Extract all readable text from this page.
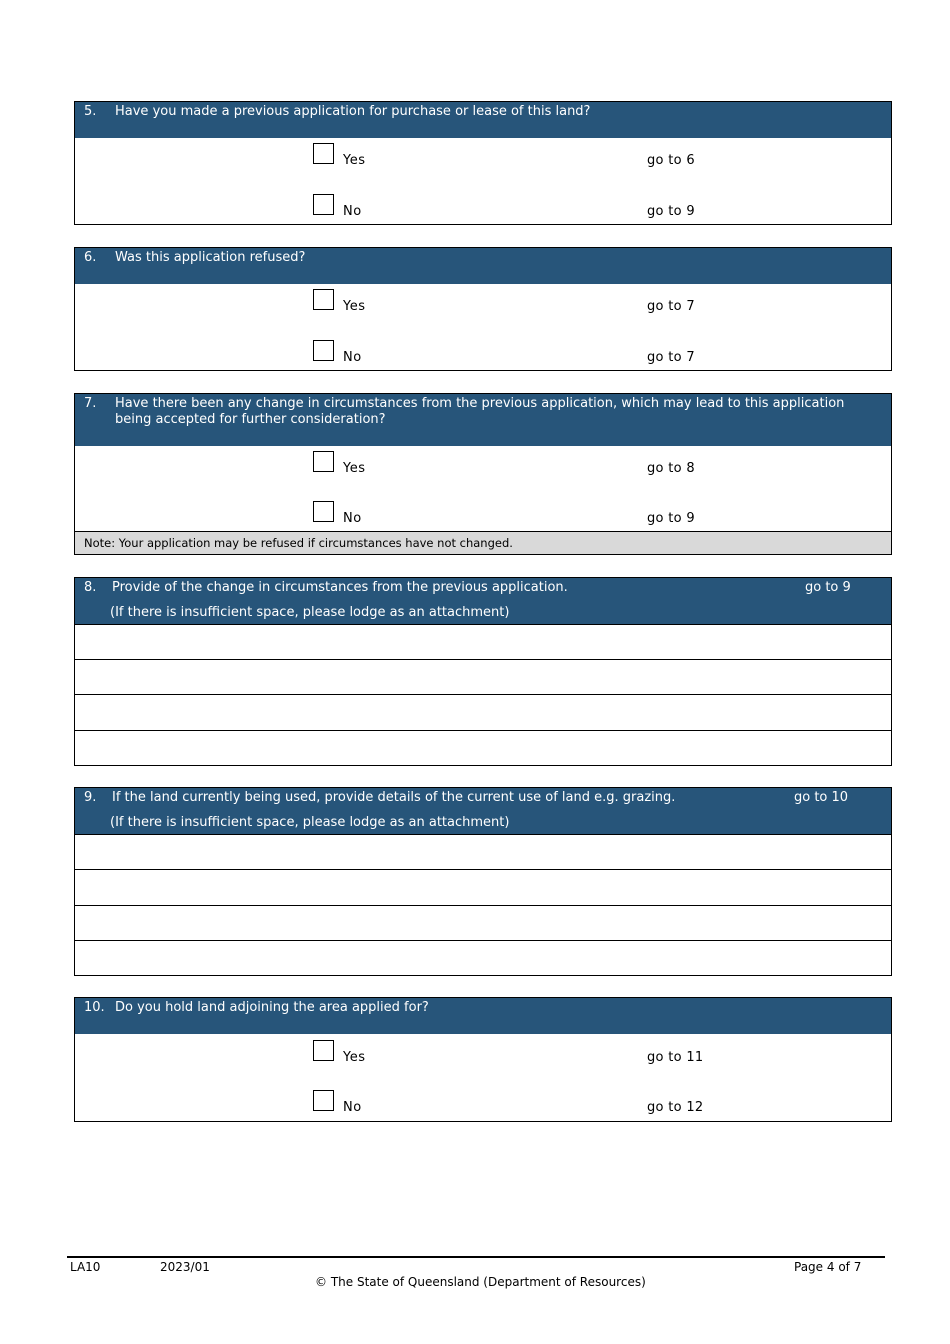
5. Have you made a previous application for purchase or lease of this land?
Yes	go to 6
No	go to 9
6. Was this application refused?
Yes	go to 7
No	go to 7
7. Have there been any change in circumstances from the previous application, which may lead to this application being accepted for further consideration?
Yes	go to 8
No	go to 9
Note: Your application may be refused if circumstances have not changed.
8. Provide of the change in circumstances from the previous application.	go to 9
(If there is insufficient space, please lodge as an attachment)
9. If the land currently being used, provide details of the current use of land e.g. grazing.	go to 10
(If there is insufficient space, please lodge as an attachment)
10. Do you hold land adjoining the area applied for?
Yes	go to 11
No	go to 12
LA10	2023/01	Page 4 of 7
© The State of Queensland (Department of Resources)
